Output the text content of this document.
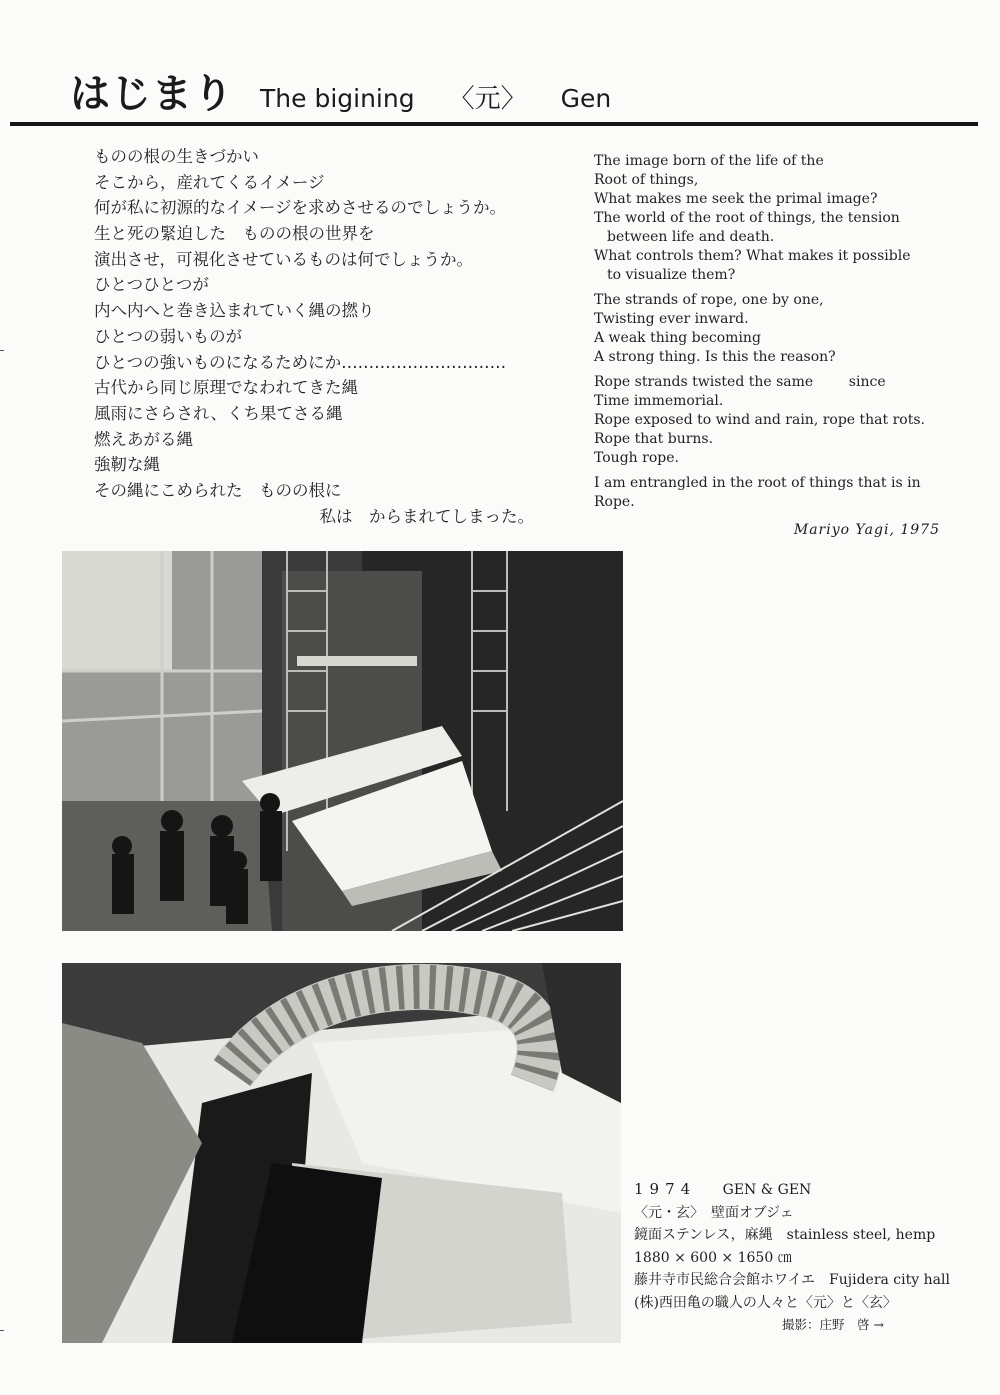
はじまり The bigining 〈元〉 Gen
ものの根の生きづかい
そこから，産れてくるイメージ
何が私に初源的なイメージを求めさせるのでしょうか。
生と死の緊迫した　ものの根の世界を
演出させ，可視化させているものは何でしょうか。
ひとつひとつが
内へ内へと巻き込まれていく縄の撚り
ひとつの弱いものが
ひとつの強いものになるためにか…………………………
古代から同じ原理でなわれてきた縄
風雨にさらされ、くち果てさる縄
燃えあがる縄
強靭な縄
その縄にこめられた　ものの根に
私は　からまれてしまった。
The image born of the life of the
Root of things,
What makes me seek the primal image?
The world of the root of things, the tension
between life and death.
What controls them? What makes it possible
to visualize them?
The strands of rope, one by one,
Twisting ever inward.
A weak thing becoming
A strong thing. Is this the reason?
Rope strands twisted the same        since
Time immemorial.
Rope exposed to wind and rain, rope that rots.
Rope that burns.
Tough rope.
I am entrangled in the root of things that is in
Rope.
Mariyo Yagi, 1975
1974 GEN & GEN
〈元・玄〉　壁面オブジェ
鏡面ステンレス，麻縄　stainless steel, hemp
1880 × 600 × 1650 ㎝
藤井寺市民総合会館ホワイエ　Fujidera city hall
(株)西田亀の職人の人々と〈元〉と〈玄〉
撮影：庄野　啓 →
